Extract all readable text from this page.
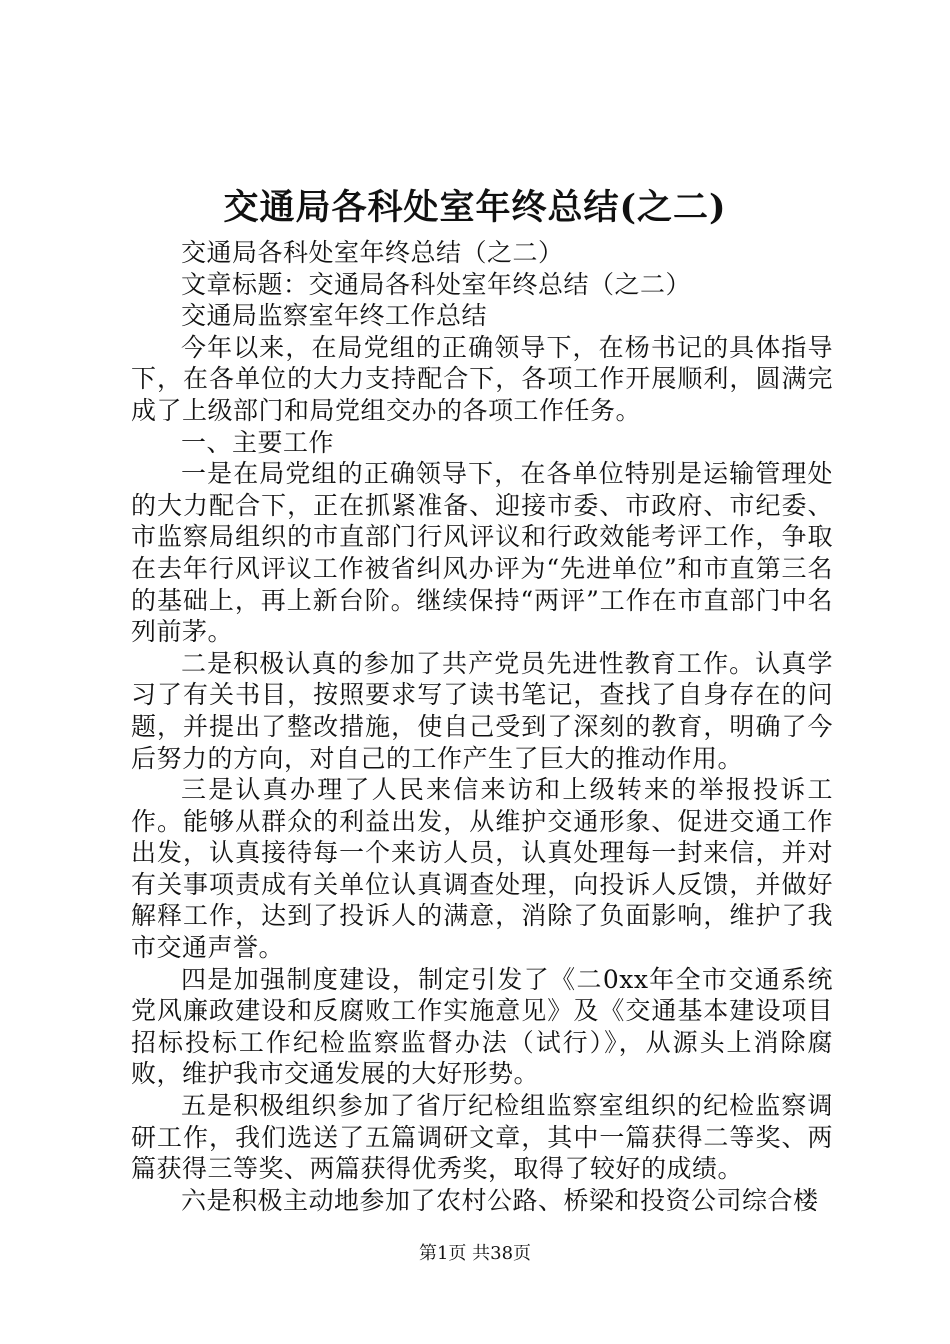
交通局各科处室年终总结(之二)

交通局各科处室年终总结（之二）

文章标题：交通局各科处室年终总结（之二）

交通局监察室年终工作总结

今年以来，在局党组的正确领导下，在杨书记的具体指导下，在各单位的大力支持配合下，各项工作开展顺利，圆满完成了上级部门和局党组交办的各项工作任务。

一、主要工作

一是在局党组的正确领导下，在各单位特别是运输管理处的大力配合下，正在抓紧准备、迎接市委、市政府、市纪委、市监察局组织的市直部门行风评议和行政效能考评工作，争取在去年行风评议工作被省纠风办评为“先进单位”和市直第三名的基础上，再上新台阶。继续保持“两评”工作在市直部门中名列前茅。

二是积极认真的参加了共产党员先进性教育工作。认真学习了有关书目，按照要求写了读书笔记，查找了自身存在的问题，并提出了整改措施，使自己受到了深刻的教育，明确了今后努力的方向，对自己的工作产生了巨大的推动作用。

三是认真办理了人民来信来访和上级转来的举报投诉工作。能够从群众的利益出发，从维护交通形象、促进交通工作出发，认真接待每一个来访人员，认真处理每一封来信，并对有关事项责成有关单位认真调查处理，向投诉人反馈，并做好解释工作，达到了投诉人的满意，消除了负面影响，维护了我市交通声誉。

四是加强制度建设，制定引发了《二0xx年全市交通系统党风廉政建设和反腐败工作实施意见》及《交通基本建设项目招标投标工作纪检监察监督办法（试行）》，从源头上消除腐败，维护我市交通发展的大好形势。

五是积极组织参加了省厅纪检组监察室组织的纪检监察调研工作，我们选送了五篇调研文章，其中一篇获得二等奖、两篇获得三等奖、两篇获得优秀奖，取得了较好的成绩。

六是积极主动地参加了农村公路、桥梁和投资公司综合楼

第1页 共38页
